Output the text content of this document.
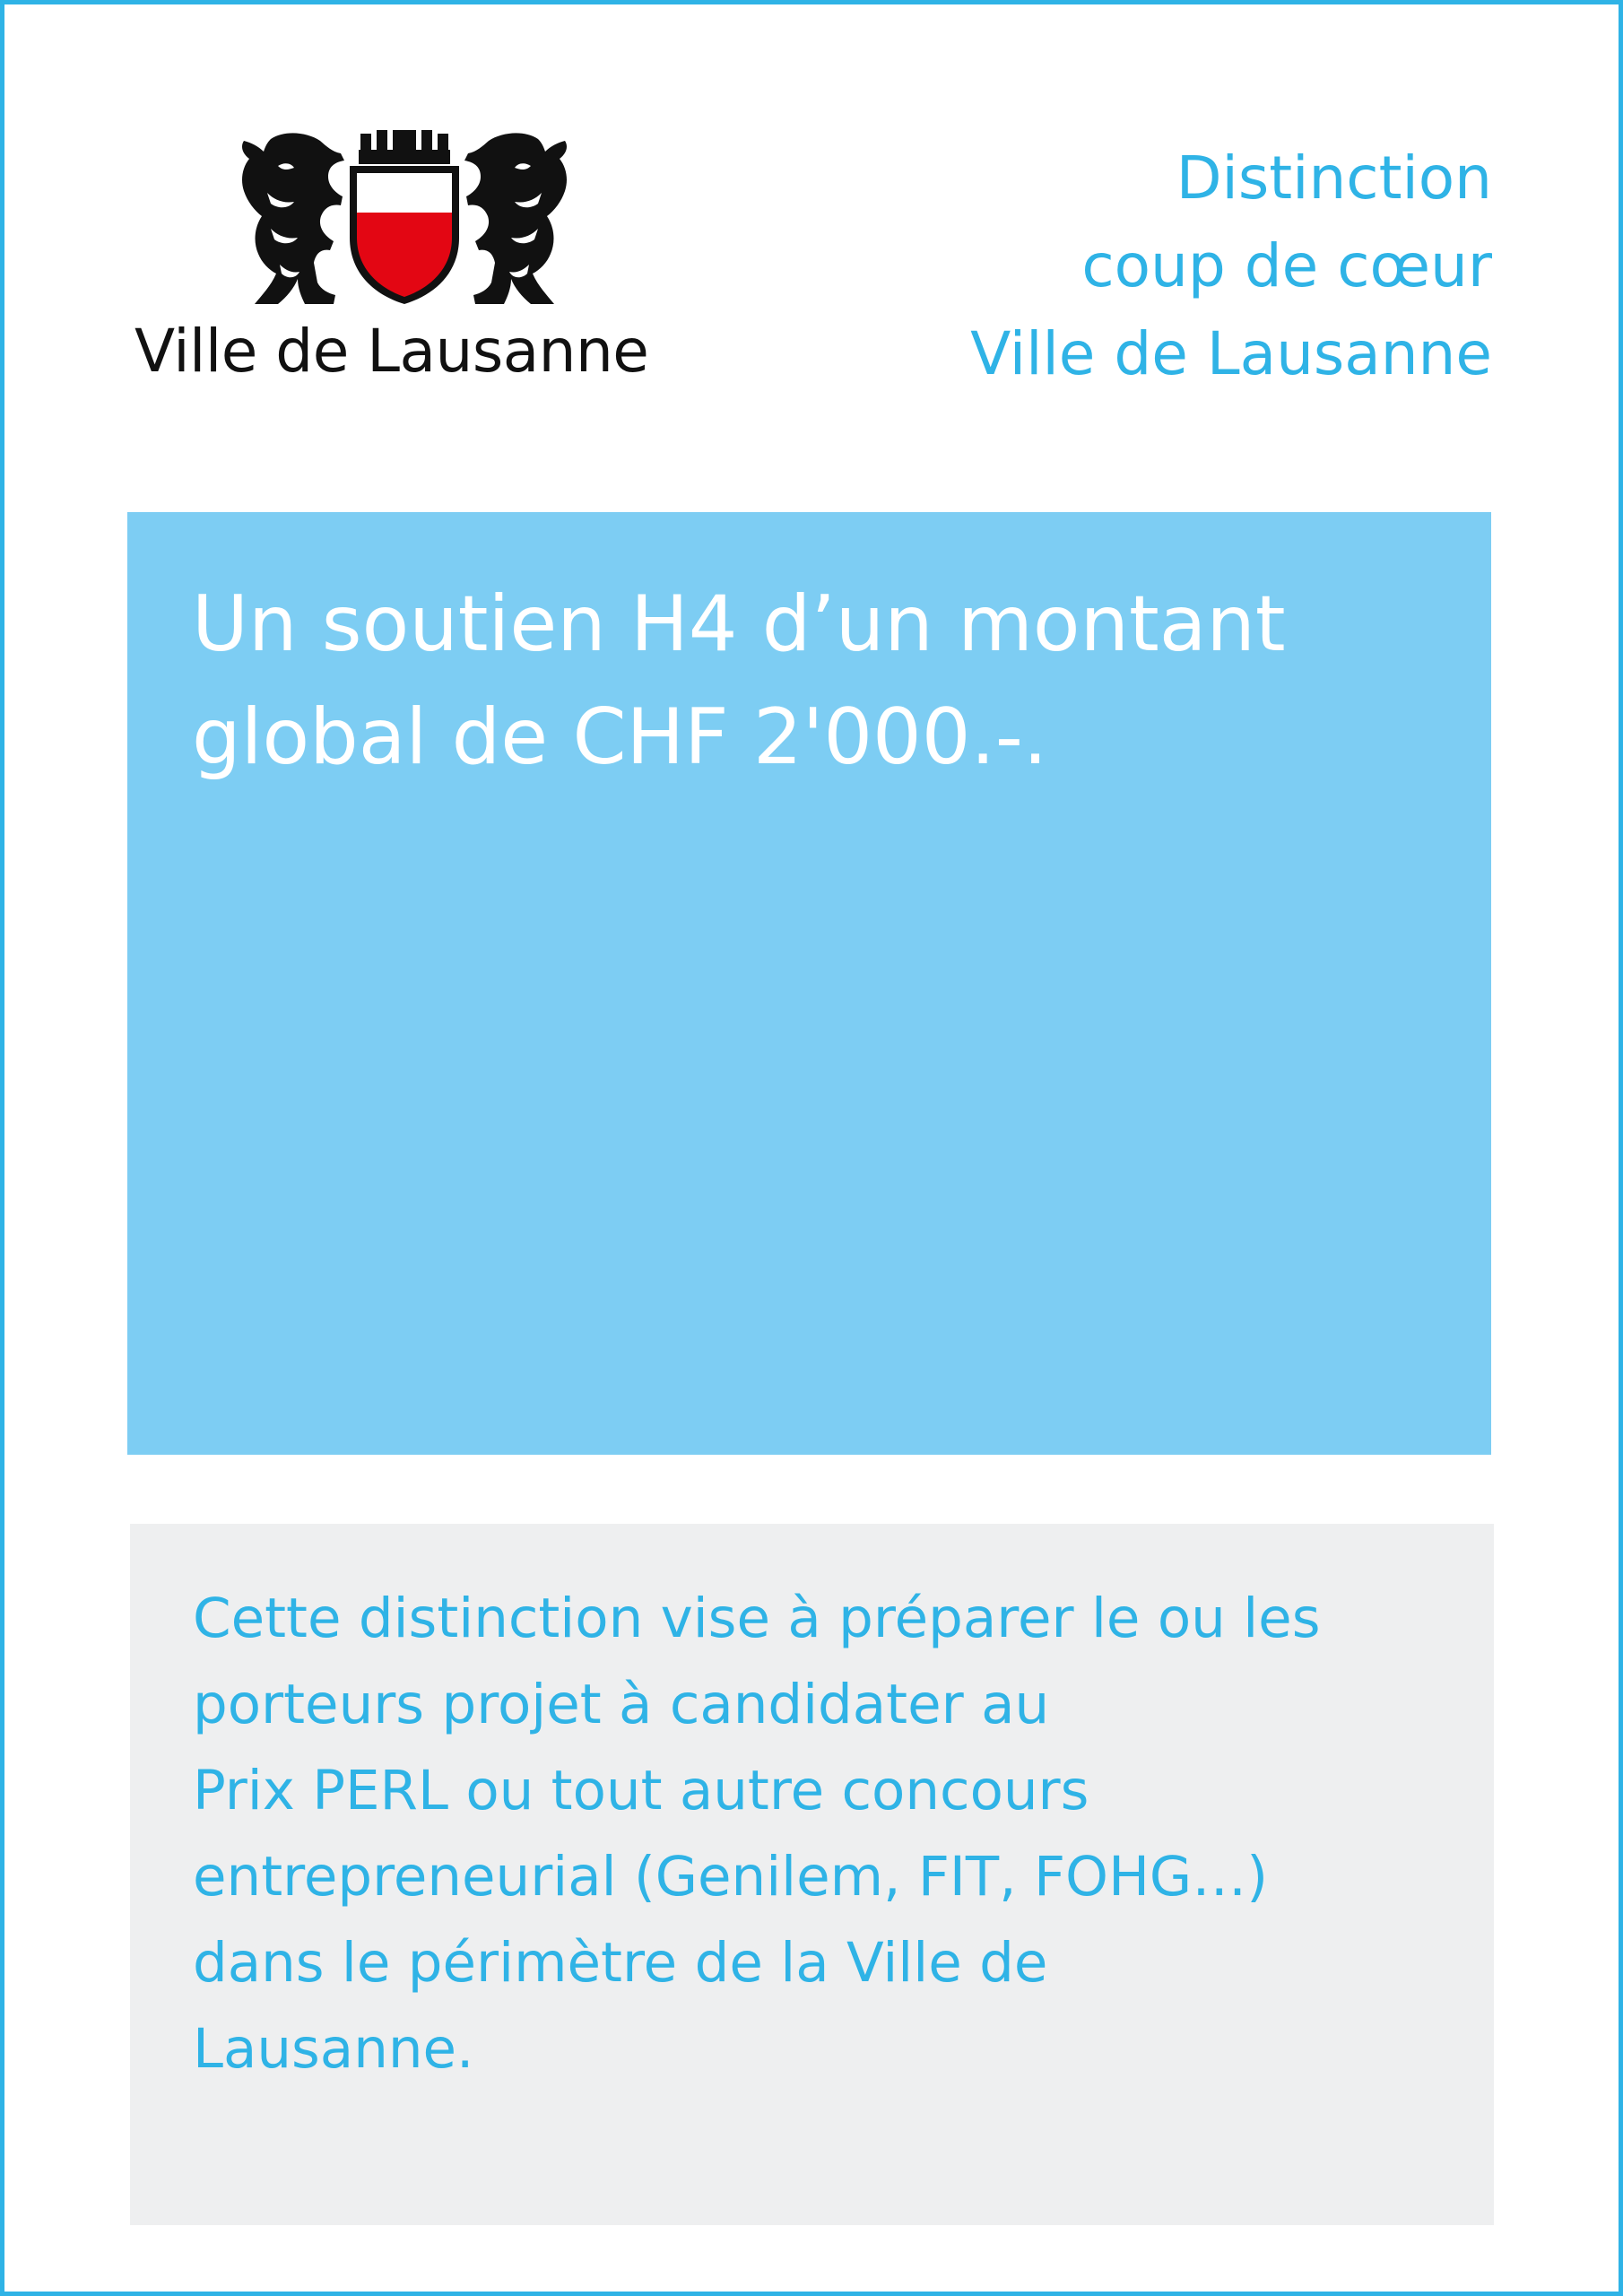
Ville de Lausanne
Distinction
coup de cœur
Ville de Lausanne
Un soutien H4 d’un montant
global de CHF 2'000.-.
Cette distinction vise à préparer le ou les
porteurs projet à candidater au
Prix PERL ou tout autre concours
entrepreneurial (Genilem, FIT, FOHG…)
dans le périmètre de la Ville de
Lausanne.
